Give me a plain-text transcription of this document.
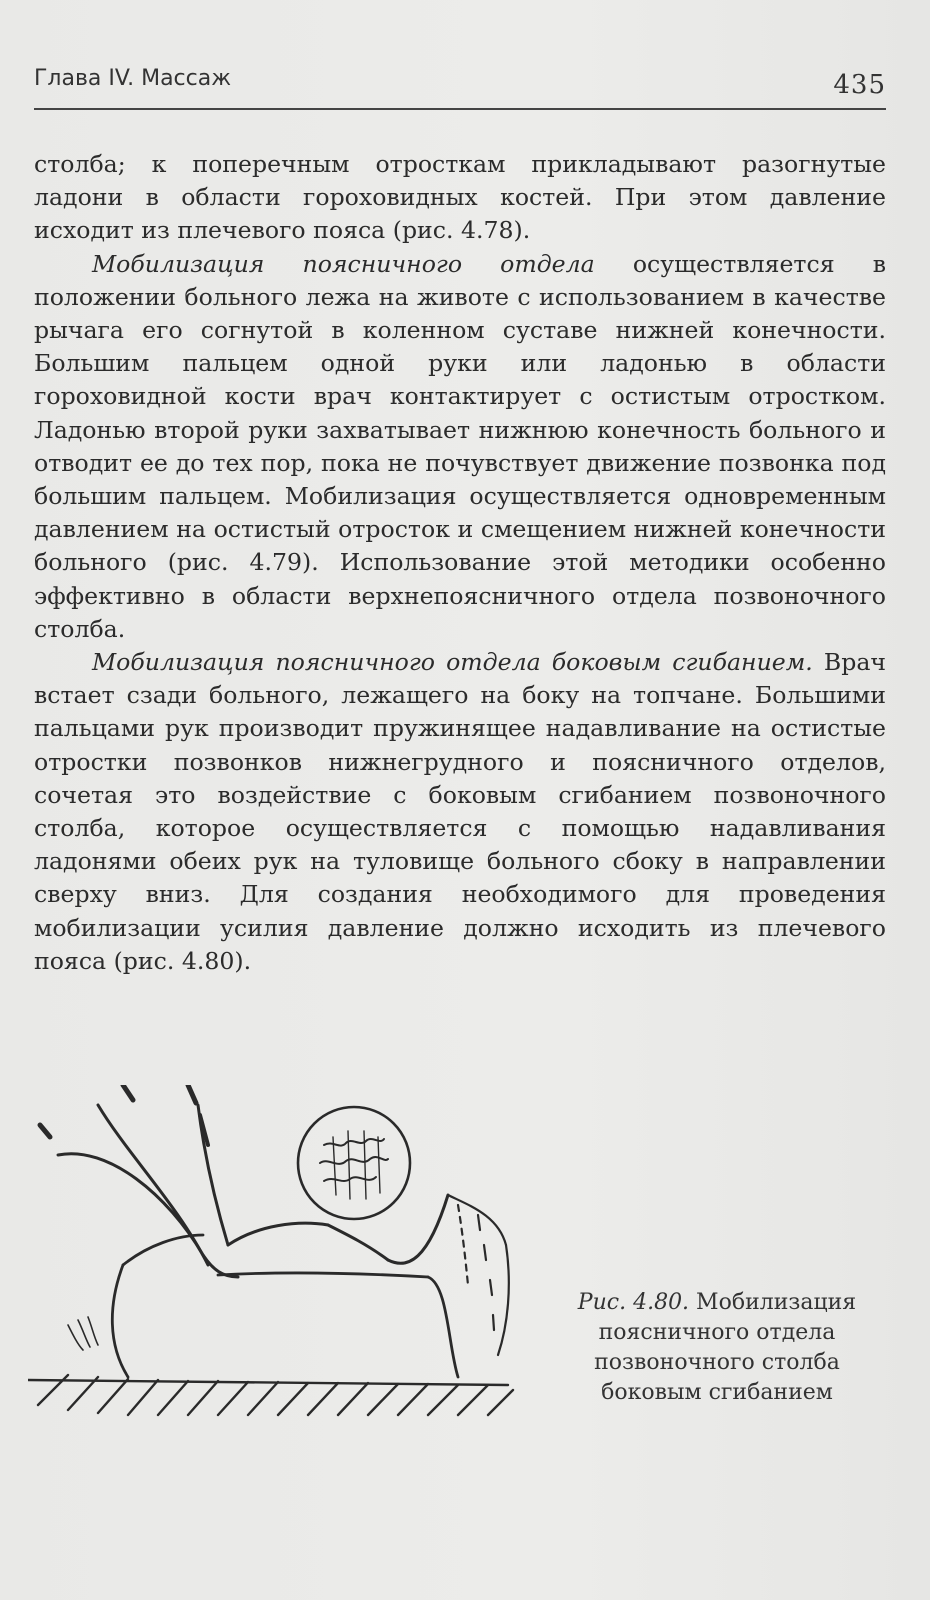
Глава IV. Массаж	435

столба; к поперечным отросткам прикладывают разогнутые ладони в области гороховидных костей. При этом давление исходит из плечевого пояса (рис. 4.78).

Мобилизация поясничного отдела осуществляется в положении больного лежа на животе с использованием в качестве рычага его согнутой в коленном суставе нижней конечности. Большим пальцем одной руки или ладонью в области гороховидной кости врач контактирует с остистым отростком. Ладонью второй руки захватывает нижнюю конечность больного и отводит ее до тех пор, пока не почувствует движение позвонка под большим пальцем. Мобилизация осуществляется одновременным давлением на остистый отросток и смещением нижней конечности больного (рис. 4.79). Использование этой методики особенно эффективно в области верхнепоясничного отдела позвоночного столба.

Мобилизация поясничного отдела боковым сгибанием. Врач встает сзади больного, лежащего на боку на топчане. Большими пальцами рук производит пружинящее надавливание на остистые отростки позвонков нижнегрудного и поясничного отделов, сочетая это воздействие с боковым сгибанием позвоночного столба, которое осуществляется с помощью надавливания ладонями обеих рук на туловище больного сбоку в направлении сверху вниз. Для создания необходимого для проведения мобилизации усилия давление должно исходить из плечевого пояса (рис. 4.80).

Рис. 4.80. Мобилизация поясничного отдела позвоночного столба боковым сгибанием
